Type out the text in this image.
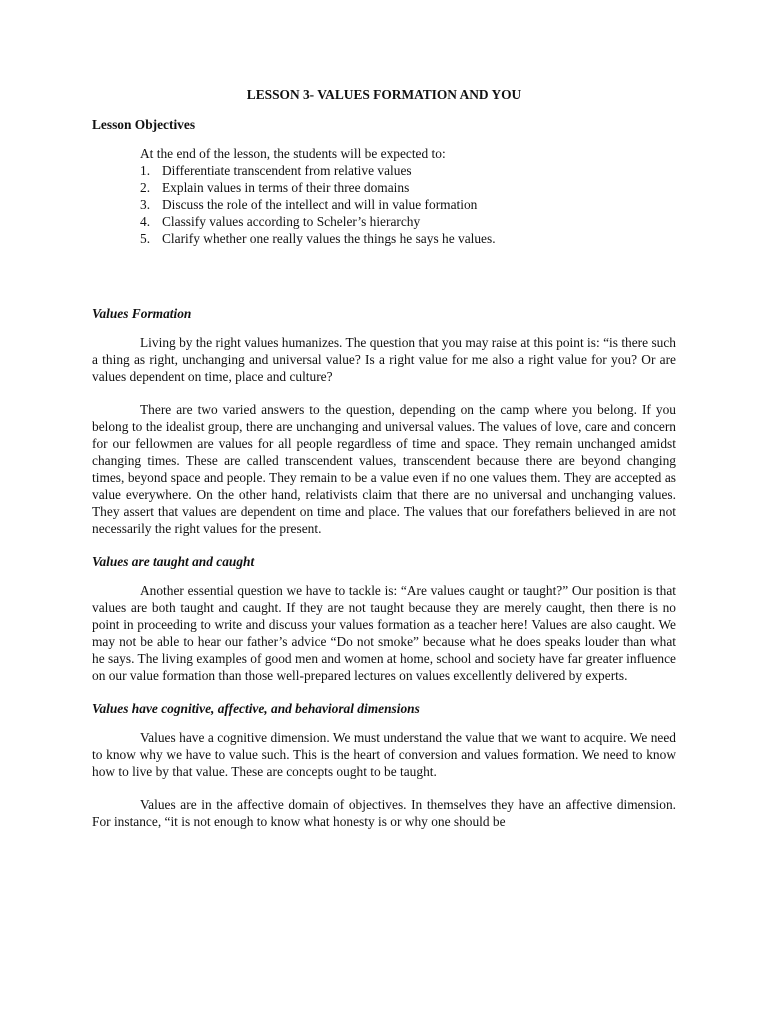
LESSON 3- VALUES FORMATION AND YOU
Lesson Objectives
At the end of the lesson, the students will be expected to:
1. Differentiate transcendent from relative values
2. Explain values in terms of their three domains
3. Discuss the role of the intellect and will in value formation
4. Classify values according to Scheler’s hierarchy
5. Clarify whether one really values the things he says he values.
Values Formation

Living by the right values humanizes. The question that you may raise at this point is: “is there such a thing as right, unchanging and universal value? Is a right value for me also a right value for you? Or are values dependent on time, place and culture?

There are two varied answers to the question, depending on the camp where you belong. If you belong to the idealist group, there are unchanging and universal values. The values of love, care and concern for our fellowmen are values for all people regardless of time and space. They remain unchanged amidst changing times. These are called transcendent values, transcendent because there are beyond changing times, beyond space and people. They remain to be a value even if no one values them. They are accepted as value everywhere. On the other hand, relativists claim that there are no universal and unchanging values. They assert that values are dependent on time and place. The values that our forefathers believed in are not necessarily the right values for the present.

Values are taught and caught

Another essential question we have to tackle is: “Are values caught or taught?” Our position is that values are both taught and caught. If they are not taught because they are merely caught, then there is no point in proceeding to write and discuss your values formation as a teacher here! Values are also caught. We may not be able to hear our father’s advice “Do not smoke” because what he does speaks louder than what he says. The living examples of good men and women at home, school and society have far greater influence on our value formation than those well-prepared lectures on values excellently delivered by experts.

Values have cognitive, affective, and behavioral dimensions

Values have a cognitive dimension. We must understand the value that we want to acquire. We need to know why we have to value such. This is the heart of conversion and values formation. We need to know how to live by that value. These are concepts ought to be taught.

Values are in the affective domain of objectives. In themselves they have an affective dimension. For instance, “it is not enough to know what honesty is or why one should be
